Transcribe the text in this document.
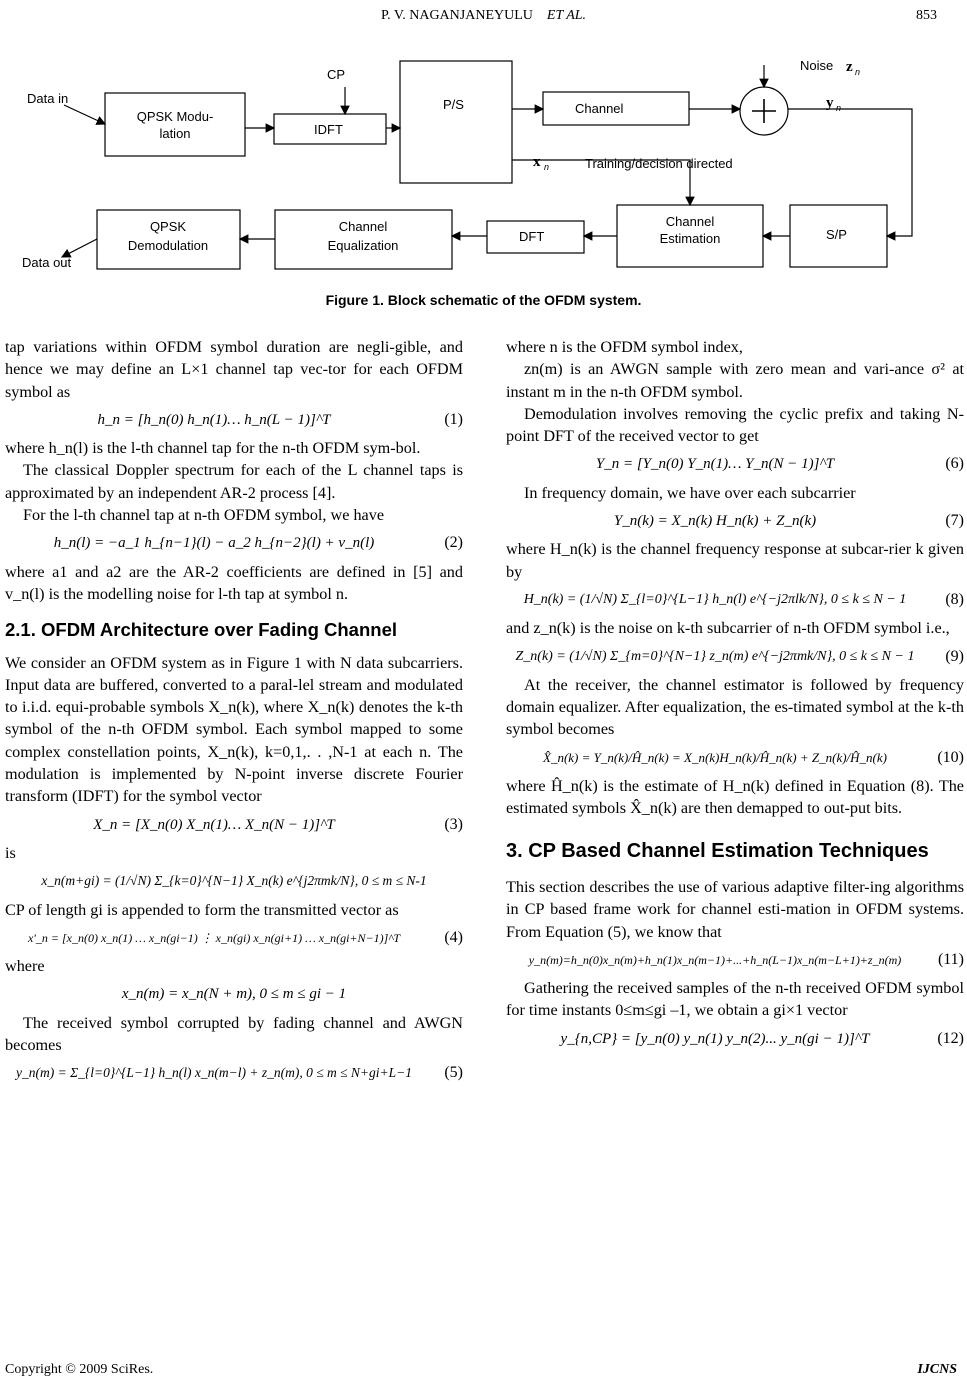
P. V. NAGANJANEYULU ET AL.	853
QPSK Modu-
lation	IDFT
P/S	Channel
S/P
Channel
Estimation
DFT
Channel
Equalization
QPSK
Demodulation
Data in
Data out
CP
Noise z n
y n
x n	Training/decision directed
Figure 1. Block schematic of the OFDM system.

tap variations within OFDM symbol duration are negli-gible, and hence we may define an L×1 channel tap vec-tor for each OFDM symbol as

h_n = [h_n(0) h_n(1)… h_n(L − 1)]^T	(1)

where h_n(l) is the l-th channel tap for the n-th OFDM sym-bol.

The classical Doppler spectrum for each of the L channel taps is approximated by an independent AR-2 process [4].

For the l-th channel tap at n-th OFDM symbol, we have

h_n(l) = −a_1 h_{n−1}(l) − a_2 h_{n−2}(l) + v_n(l)	(2)

where a1 and a2 are the AR-2 coefficients are defined in [5] and v_n(l) is the modelling noise for l-th tap at symbol n.

2.1. OFDM Architecture over Fading Channel

We consider an OFDM system as in Figure 1 with N data subcarriers. Input data are buffered, converted to a paral-lel stream and modulated to i.i.d. equi-probable symbols X_n(k), where X_n(k) denotes the k-th symbol of the n-th OFDM symbol. Each symbol mapped to some complex constellation points, X_n(k), k=0,1,. . ,N-1 at each n. The modulation is implemented by N-point inverse discrete Fourier transform (IDFT) for the symbol vector

X_n = [X_n(0) X_n(1)… X_n(N − 1)]^T	(3)

is

x_n(m+gi) = (1/√N) Σ_{k=0}^{N−1} X_n(k) e^{j2πmk/N}, 0 ≤ m ≤ N-1

CP of length gi is appended to form the transmitted vector as

x'_n = [x_n(0) x_n(1) … x_n(gi−1) ⋮ x_n(gi) x_n(gi+1) … x_n(gi+N−1)]^T	(4)

where

x_n(m) = x_n(N + m), 0 ≤ m ≤ gi − 1

The received symbol corrupted by fading channel and AWGN becomes

y_n(m) = Σ_{l=0}^{L−1} h_n(l) x_n(m−l) + z_n(m), 0 ≤ m ≤ N+gi+L−1	(5)

where n is the OFDM symbol index,

zn(m) is an AWGN sample with zero mean and vari-ance σ² at instant m in the n-th OFDM symbol.

Demodulation involves removing the cyclic prefix and taking N-point DFT of the received vector to get

Y_n = [Y_n(0) Y_n(1)… Y_n(N − 1)]^T	(6)

In frequency domain, we have over each subcarrier

Y_n(k) = X_n(k) H_n(k) + Z_n(k)	(7)

where H_n(k) is the channel frequency response at subcar-rier k given by

H_n(k) = (1/√N) Σ_{l=0}^{L−1} h_n(l) e^{−j2πlk/N}, 0 ≤ k ≤ N − 1	(8)

and z_n(k) is the noise on k-th subcarrier of n-th OFDM symbol i.e.,

Z_n(k) = (1/√N) Σ_{m=0}^{N−1} z_n(m) e^{−j2πmk/N}, 0 ≤ k ≤ N − 1	(9)

At the receiver, the channel estimator is followed by frequency domain equalizer. After equalization, the es-timated symbol at the k-th symbol becomes

X̂_n(k) = Y_n(k)/Ĥ_n(k) = X_n(k)H_n(k)/Ĥ_n(k) + Z_n(k)/Ĥ_n(k)	(10)

where Ĥ_n(k) is the estimate of H_n(k) defined in Equation (8). The estimated symbols X̂_n(k) are then demapped to out-put bits.

3. CP Based Channel Estimation Techniques

This section describes the use of various adaptive filter-ing algorithms in CP based frame work for channel esti-mation in OFDM systems. From Equation (5), we know that

y_n(m)=h_n(0)x_n(m)+h_n(1)x_n(m−1)+...+h_n(L−1)x_n(m−L+1)+z_n(m)	(11)

Gathering the received samples of the n-th received OFDM symbol for time instants 0≤m≤gi –1, we obtain a gi×1 vector

y_{n,CP} = [y_n(0) y_n(1) y_n(2)... y_n(gi − 1)]^T	(12)
Copyright © 2009 SciRes.	IJCNS
